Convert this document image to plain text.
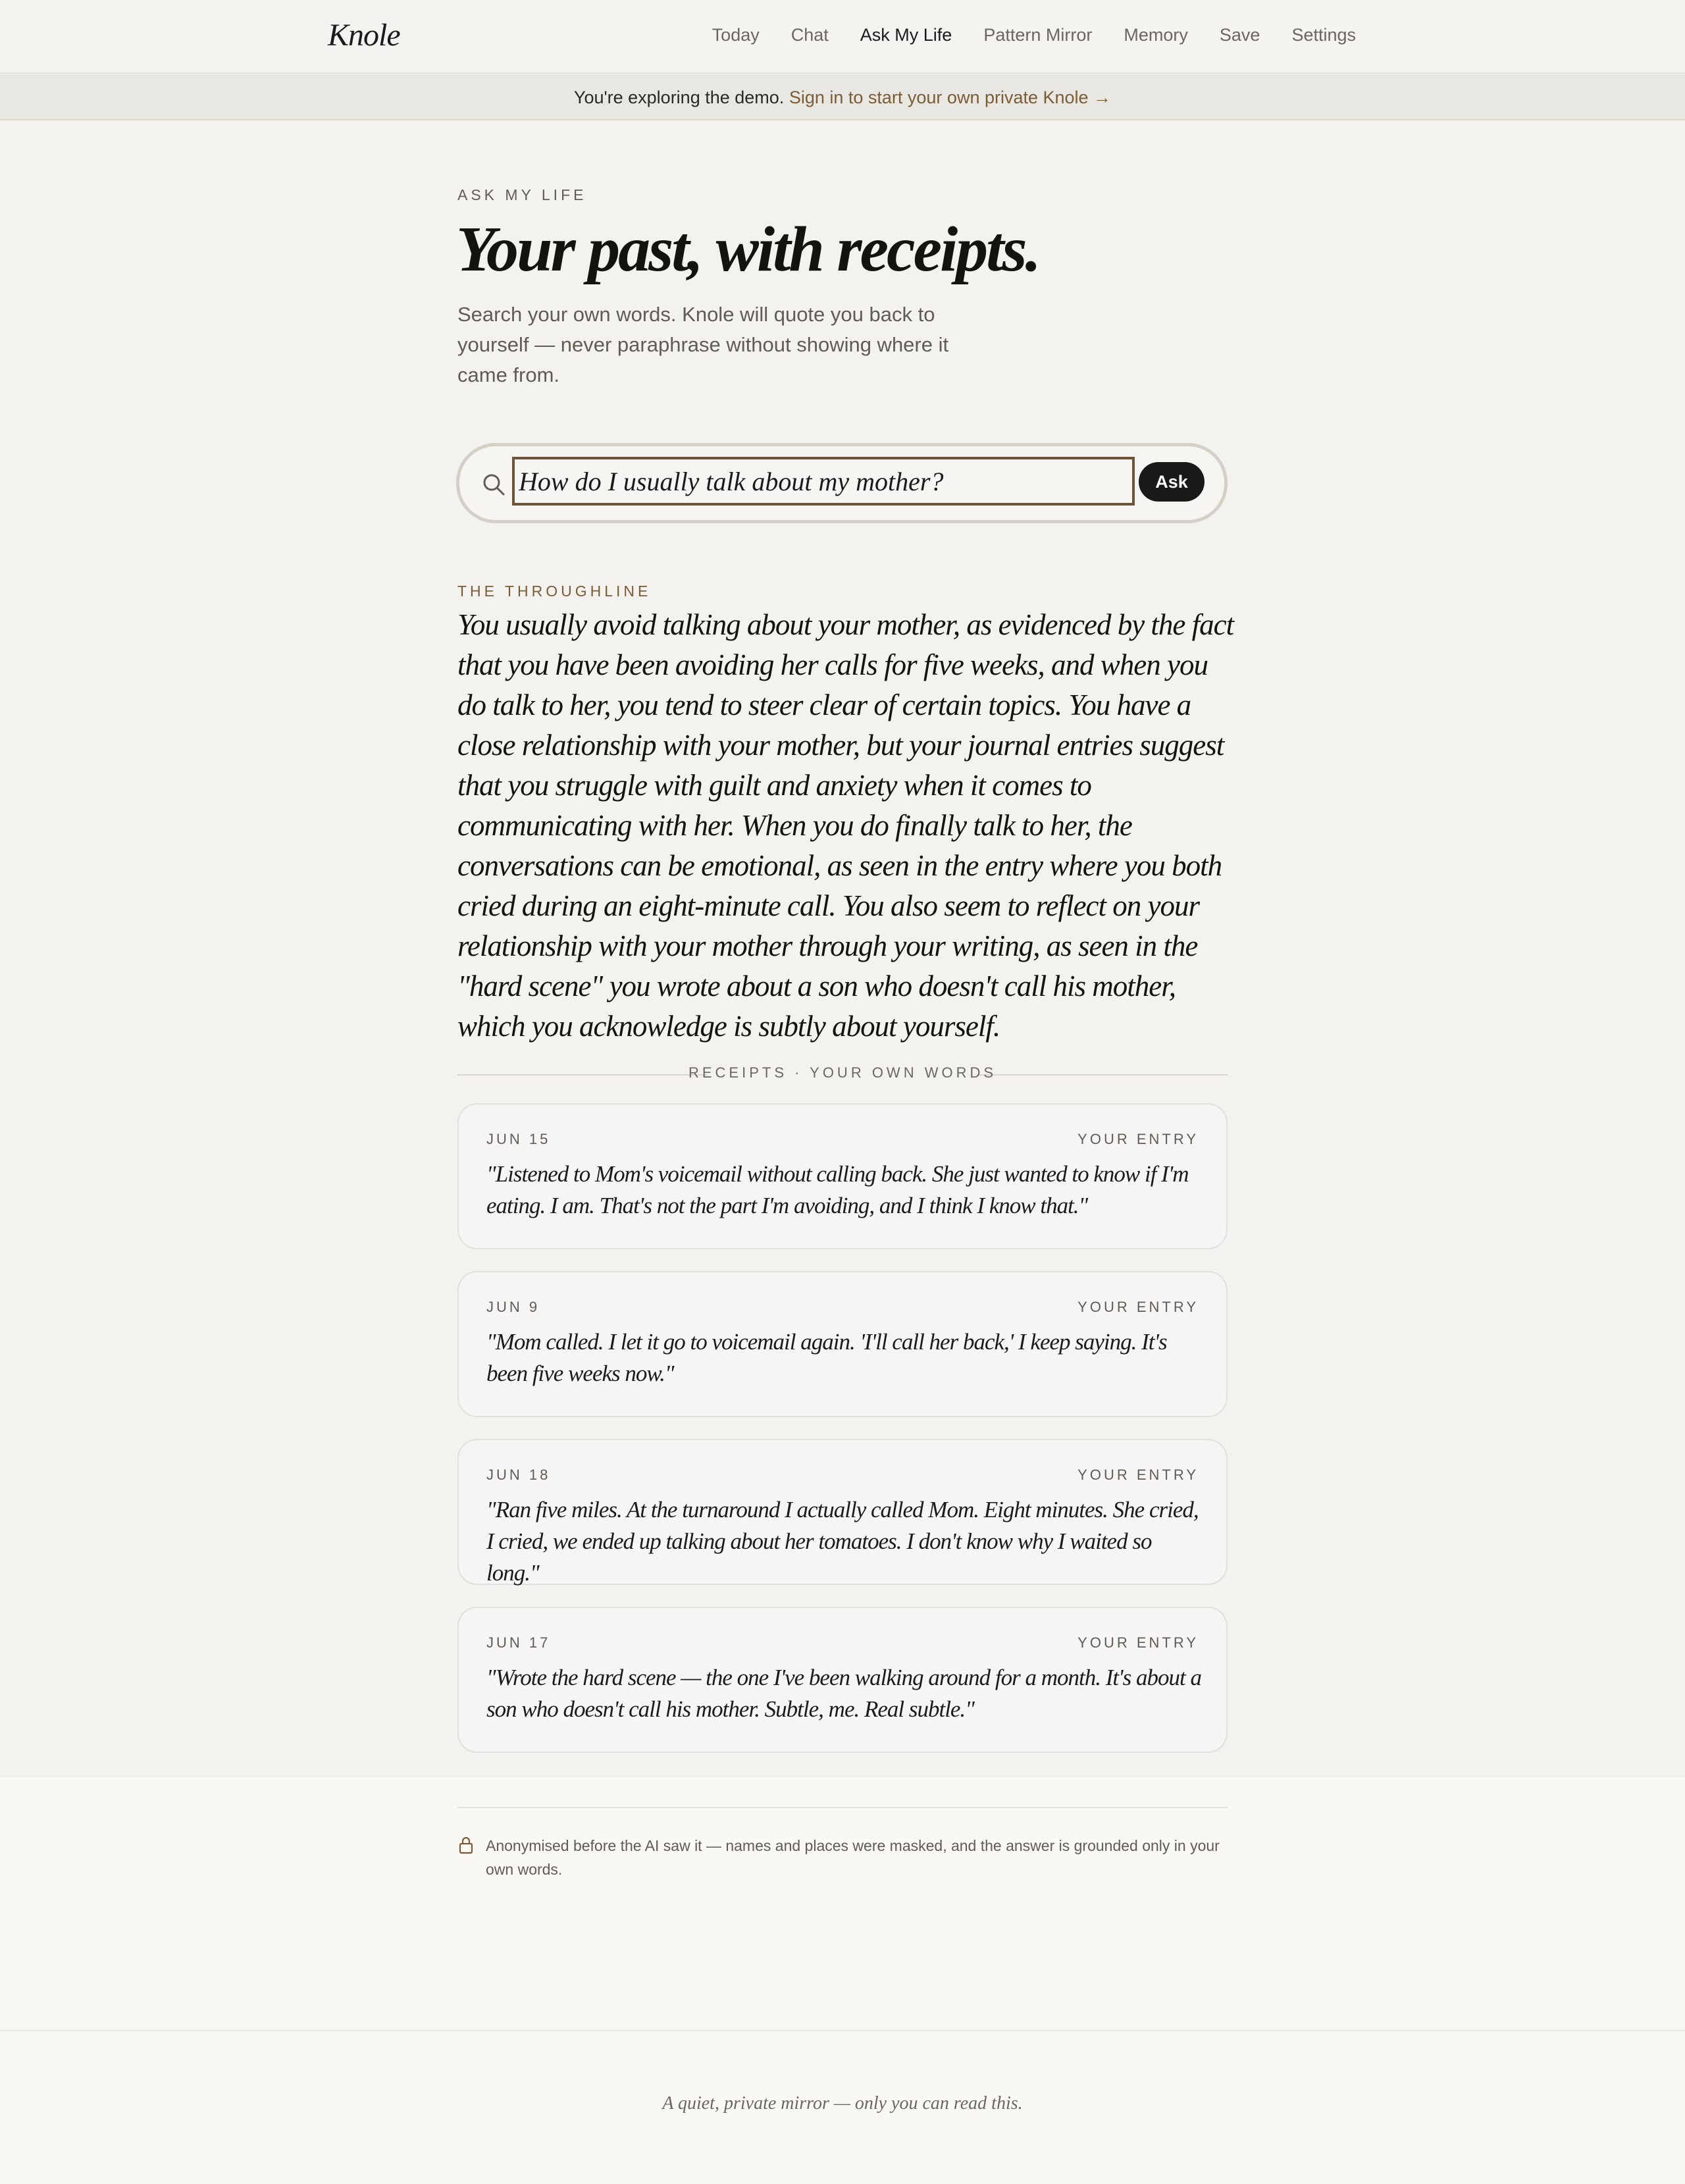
Knole	Today Chat Ask My Life Pattern Mirror Memory Save Settings
You're exploring the demo. Sign in to start your own private Knole →
ASK MY LIFE
Your past, with receipts.

Search your own words. Knole will quote you back to yourself — never paraphrase without showing where it came from.

How do I usually talk about my mother?
Ask
THE THROUGHLINE

You usually avoid talking about your mother, as evidenced by the fact that you have been avoiding her calls for five weeks, and when you do talk to her, you tend to steer clear of certain topics. You have a close relationship with your mother, but your journal entries suggest that you struggle with guilt and anxiety when it comes to communicating with her. When you do finally talk to her, the conversations can be emotional, as seen in the entry where you both cried during an eight-minute call. You also seem to reflect on your relationship with your mother through your writing, as seen in the "hard scene" you wrote about a son who doesn't call his mother, which you acknowledge is subtly about yourself.

RECEIPTS · YOUR OWN WORDS
JUN 15	YOUR ENTRY
"Listened to Mom's voicemail without calling back. She just wanted to know if I'm eating. I am. That's not the part I'm avoiding, and I think I know that."
JUN 9	YOUR ENTRY
"Mom called. I let it go to voicemail again. 'I'll call her back,' I keep saying. It's been five weeks now."
JUN 18	YOUR ENTRY
"Ran five miles. At the turnaround I actually called Mom. Eight minutes. She cried, I cried, we ended up talking about her tomatoes. I don't know why I waited so long."
JUN 17	YOUR ENTRY
"Wrote the hard scene — the one I've been walking around for a month. It's about a son who doesn't call his mother. Subtle, me. Real subtle."

Anonymised before the AI saw it — names and places were masked, and the answer is grounded only in your own words.

A quiet, private mirror — only you can read this.
